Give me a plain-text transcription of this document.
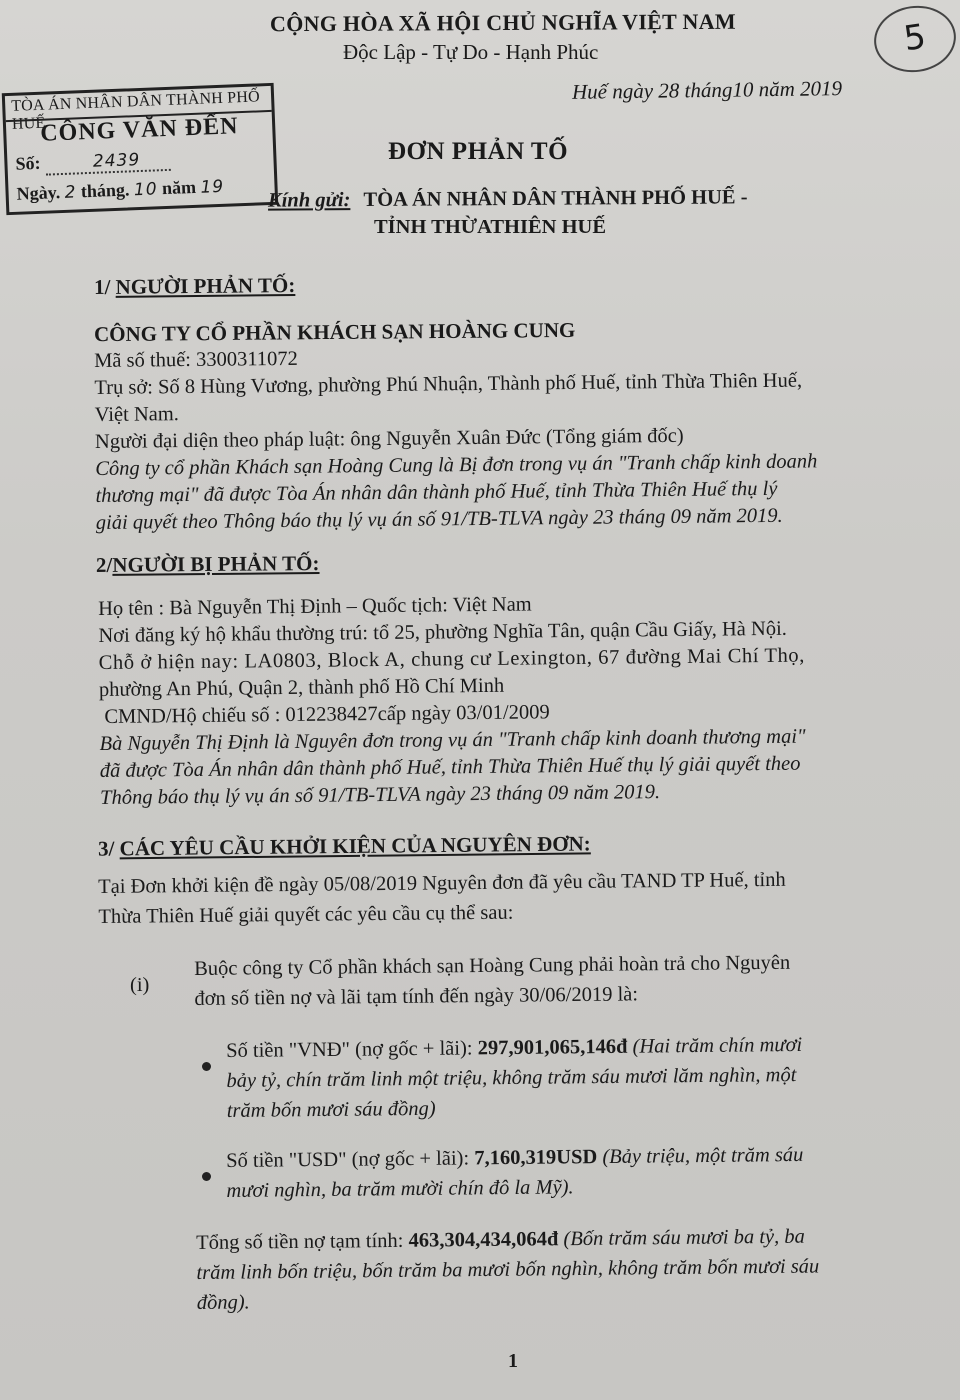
CỘNG HÒA XÃ HỘI CHỦ NGHĨA VIỆT NAM
Độc Lập - Tự Do - Hạnh Phúc	5
Huế ngày 28 tháng10 năm 2019
TÒA ÁN NHÂN DÂN THÀNH PHỐ HUẾ
CÔNG VĂN ĐẾN
Số:	2439
Ngày. 2 tháng. 10 năm 19
ĐƠN PHẢN TỐ
Kính gửi: TÒA ÁN NHÂN DÂN THÀNH PHỐ HUẾ -
TỈNH THỪATHIÊN HUẾ
1/ NGƯỜI PHẢN TỐ:
CÔNG TY CỔ PHẦN KHÁCH SẠN HOÀNG CUNG
Mã số thuế: 3300311072
Trụ sở: Số 8 Hùng Vương, phường Phú Nhuận, Thành phố Huế, tỉnh Thừa Thiên Huế,
Việt Nam.
Người đại diện theo pháp luật: ông Nguyễn Xuân Đức (Tổng giám đốc)
Công ty cổ phần Khách sạn Hoàng Cung là Bị đơn trong vụ án "Tranh chấp kinh doanh
thương mại" đã được Tòa Án nhân dân thành phố Huế, tỉnh Thừa Thiên Huế thụ lý
giải quyết theo Thông báo thụ lý vụ án số 91/TB-TLVA ngày 23 tháng 09 năm 2019.
2/NGƯỜI BỊ PHẢN TỐ:
Họ tên : Bà Nguyễn Thị Định – Quốc tịch: Việt Nam
Nơi đăng ký hộ khẩu thường trú: tổ 25, phường Nghĩa Tân, quận Cầu Giấy, Hà Nội.
Chỗ ở hiện nay: LA0803, Block A, chung cư Lexington, 67 đường Mai Chí Thọ,
phường An Phú, Quận 2, thành phố Hồ Chí Minh
CMND/Hộ chiếu số : 012238427cấp ngày 03/01/2009
Bà Nguyễn Thị Định là Nguyên đơn trong vụ án "Tranh chấp kinh doanh thương mại"
đã được Tòa Án nhân dân thành phố Huế, tỉnh Thừa Thiên Huế thụ lý giải quyết theo
Thông báo thụ lý vụ án số 91/TB-TLVA ngày 23 tháng 09 năm 2019.
3/ CÁC YÊU CẦU KHỞI KIỆN CỦA NGUYÊN ĐƠN:
Tại Đơn khởi kiện đề ngày 05/08/2019 Nguyên đơn đã yêu cầu TAND TP Huế, tỉnh
Thừa Thiên Huế giải quyết các yêu cầu cụ thể sau:
(i)
Buộc công ty Cổ phần khách sạn Hoàng Cung phải hoàn trả cho Nguyên
đơn số tiền nợ và lãi tạm tính đến ngày 30/06/2019 là:
Số tiền "VNĐ" (nợ gốc + lãi): 297,901,065,146đ (Hai trăm chín mươi
bảy tỷ, chín trăm linh một triệu, không trăm sáu mươi lăm nghìn, một
trăm bốn mươi sáu đồng)
Số tiền "USD" (nợ gốc + lãi): 7,160,319USD (Bảy triệu, một trăm sáu
mươi nghìn, ba trăm mười chín đô la Mỹ).
Tổng số tiền nợ tạm tính: 463,304,434,064đ (Bốn trăm sáu mươi ba tỷ, ba
trăm linh bốn triệu, bốn trăm ba mươi bốn nghìn, không trăm bốn mươi sáu
đồng).
1
